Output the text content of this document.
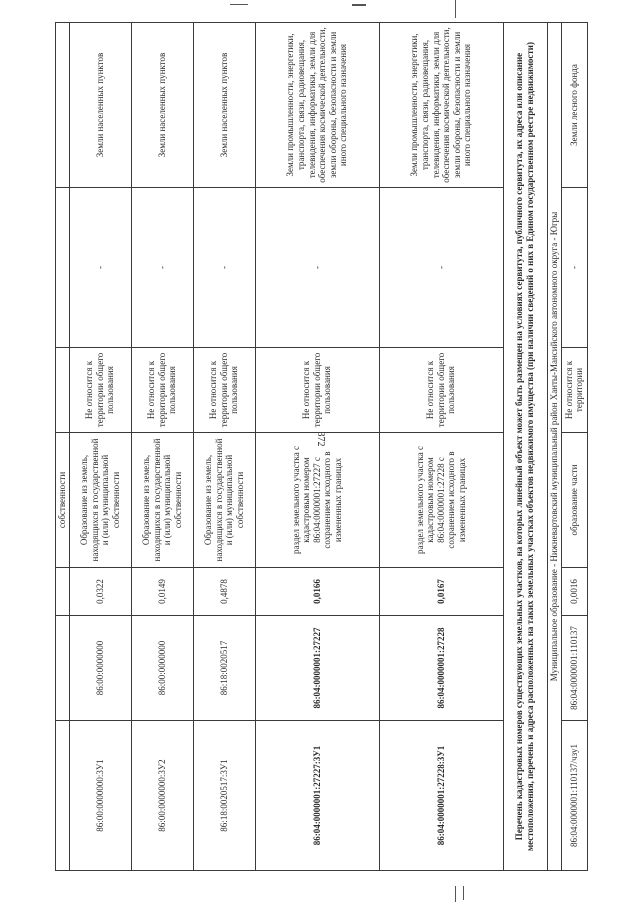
372
			собственности			
86:00:0000000:3У1	86:00:0000000	0,0322	Образование из земель, находящихся в государственной и (или) муниципальной собственности	Не относится к территории общего пользования	-	Земли населенных пунктов
86:00:0000000:3У2	86:00:0000000	0,0149	Образование из земель, находящихся в государственной и (или) муниципальной собственности	Не относится к территории общего пользования	-	Земли населенных пунктов
86:18:0020517:3У1	86:18:0020517	0,4878	Образование из земель, находящихся в государственной и (или) муниципальной собственности	Не относится к территории общего пользования	-	Земли населенных пунктов
86:04:0000001:27227:3У1	86:04:0000001:27227	0,0166	раздел земельного участка с кадастровым номером 86:04:0000001:27227 с сохранением исходного в измененных границах	Не относится к территории общего пользования	-	Земли промышленности, энергетики, транспорта, связи, радиовещания, телевидения, информатики, земли для обеспечения космической деятельности, земли обороны, безопасности и земли иного специального назначения
86:04:0000001:27228:3У1	86:04:0000001:27228	0,0167	раздел земельного участка с кадастровым номером 86:04:0000001:27228 с сохранением исходного в измененных границах	Не относится к территории общего пользования	-	Земли промышленности, энергетики, транспорта, связи, радиовещания, телевидения, информатики, земли для обеспечения космической деятельности, земли обороны, безопасности и земли иного специального назначения
Перечень кадастровых номеров существующих земельных участков, на которых линейный объект может быть размещен на условиях сервитута, публичного сервитута, их адреса или описание местоположения, перечень и адреса расположенных на таких земельных участках объектов недвижимого имущества (при наличии сведений о них в Едином государственном реестре недвижимости)						
Муниципальное образование - Нижневартовский муниципальный район Ханты-Мансийского автономного округа - Югры						
86:04:0000001:110137/чзу1	86:04:0000001:110137	0,0016	образование части	Не относится к территории	-	Земли лесного фонда
